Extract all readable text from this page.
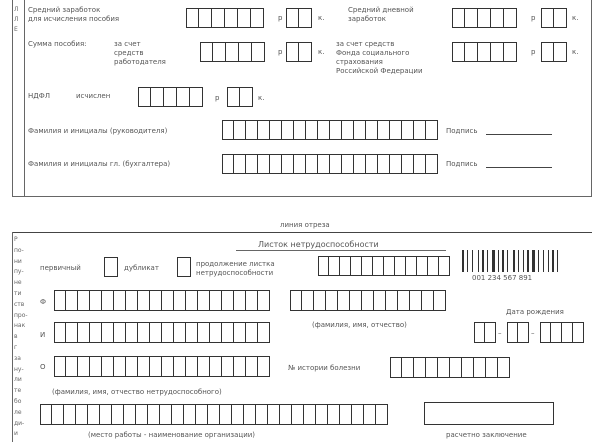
Л
Л
Е
Средний заработок
для исчисления пособия	р	к.
Средний дневной
заработок	р	к.
Сумма пособия:	за счет
средств
работодателя
р	к.
за счет средств
Фонда социального
страхования
Российской Федерации
р	к.
НДФЛ	исчислен	р	к.
Фамилия и инициалы (руководителя)	Подпись
Фамилия и инициалы гл. (бухгалтера)	Подпись
линия отреза
Р
по-
ни
пу-
не
ти
ств
про-
нак
в
г
за
ну-
ли
те
бо
ле
ди-
и
Листок нетрудоспособности
первичный	дубликат	продолжение листка
нетрудоспособности
001 234 567 891
Ф
И
(фамилия, имя, отчество)
Дата рождения
–	–
О	№ истории болезни
(фамилия, имя, отчество нетрудоспособного)
(место работы - наименование организации)	расчетно заключение
